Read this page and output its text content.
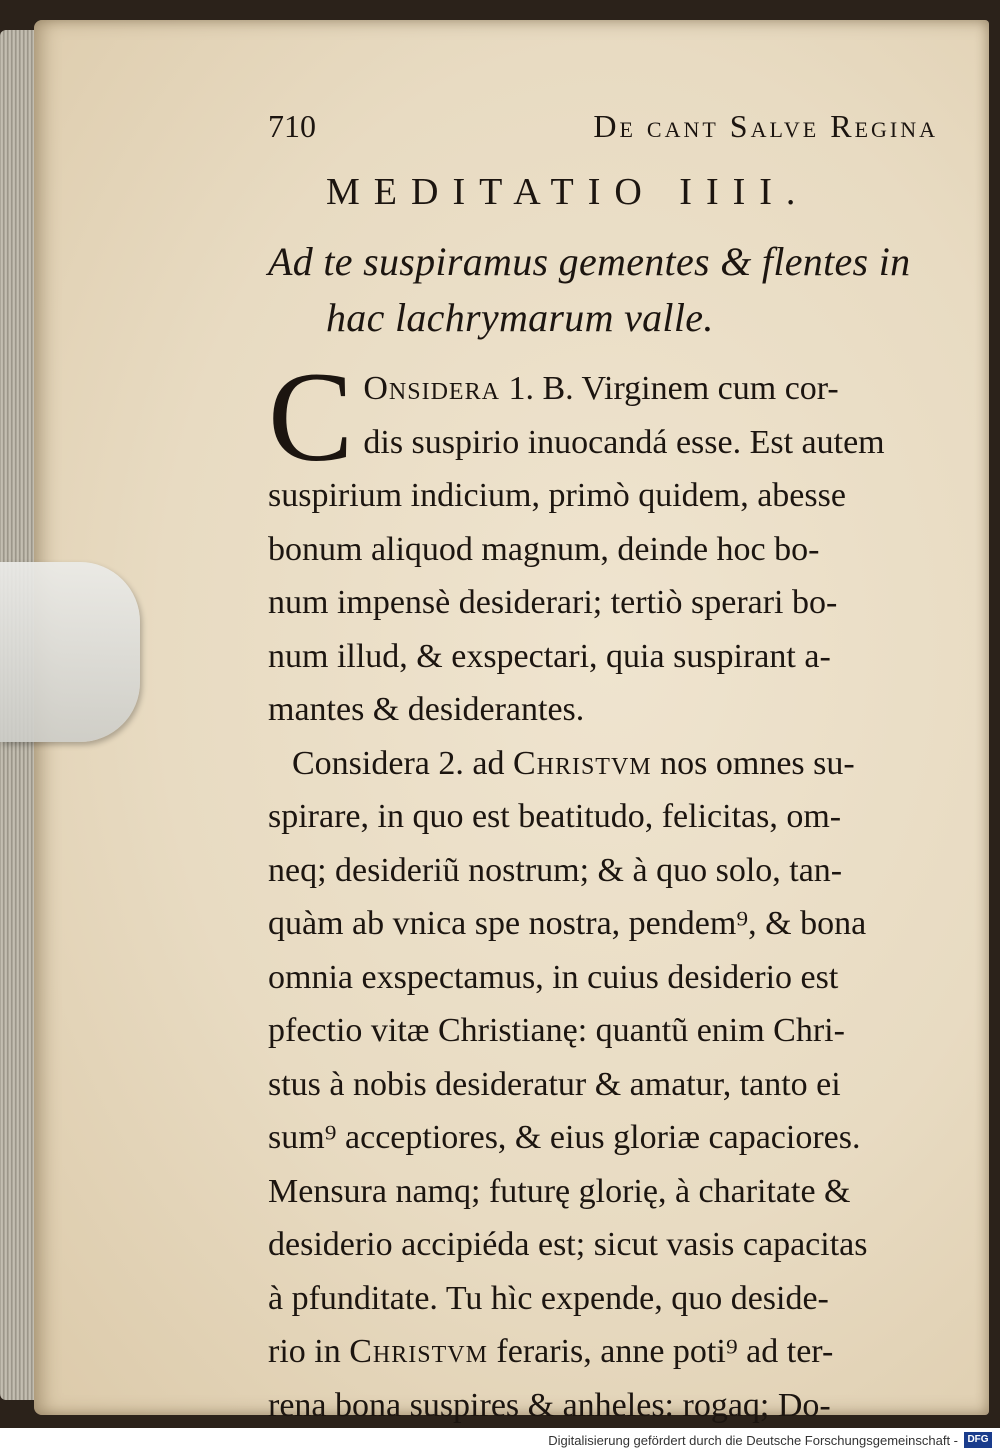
710	De cant Salve Regina
MEDITATIO IIII.
Ad te suspiramus gementes & flentes in
hac lachrymarum valle.

C Onsidera 1. B. Virginem cum cor-
dis suspirio inuocandá esse. Est autem
suspirium indicium, primò quidem, abesse
bonum aliquod magnum, deinde hoc bo-
num impensè desiderari; tertiò sperari bo-
num illud, & exspectari, quia suspirant a-
mantes & desiderantes.

Considera 2. ad Christvm nos omnes su-
spirare, in quo est beatitudo, felicitas, om-
neq; desideriũ nostrum; & à quo solo, tan-
quàm ab vnica spe nostra, pendem⁹, & bona
omnia exspectamus, in cuius desiderio est
pfectio vitæ Christianę: quantũ enim Chri-
stus à nobis desideratur & amatur, tanto ei
sum⁹ acceptiores, & eius gloriæ capaciores.
Mensura namq; futurę glorię, à charitate &
desiderio accipiéda est; sicut vasis capacitas
à pfunditate. Tu hìc expende, quo deside-
rio in Christvm feraris, anne poti⁹ ad ter-
rena bona suspires & anheles: rogaq; Do-

Digitalisierung gefördert durch die Deutsche Forschungsgemeinschaft - DFG
